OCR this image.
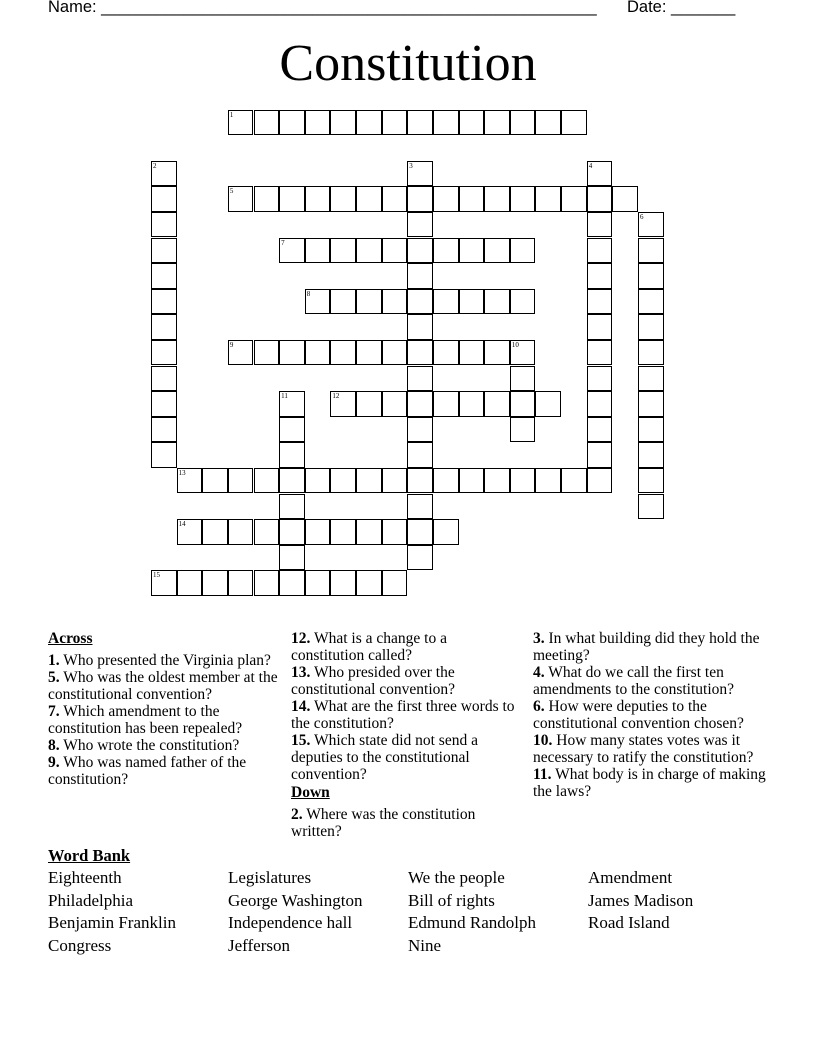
Name: ______________________________________________________ Date: _______
Constitution
1
2	3	4
5
6
7
8
9	10
11	12
13
14
15
Across
1. Who presented the Virginia plan?
5. Who was the oldest member at the constitutional convention?
7. Which amendment to the constitution has been repealed?
8. Who wrote the constitution?
9. Who was named father of the constitution?
12. What is a change to a constitution called?
13. Who presided over the constitutional convention?
14. What are the first three words to the constitution?
15. Which state did not send a deputies to the constitutional convention?
Down
2. Where was the constitution written?
3. In what building did they hold the meeting?
4. What do we call the first ten amendments to the constitution?
6. How were deputies to the constitutional convention chosen?
10. How many states votes was it necessary to ratify the constitution?
11. What body is in charge of making the laws?
Word Bank
Eighteenth	Legislatures	We the people	Amendment
Philadelphia	George Washington	Bill of rights	James Madison
Benjamin Franklin	Independence hall	Edmund Randolph	Road Island
Congress	Jefferson	Nine
